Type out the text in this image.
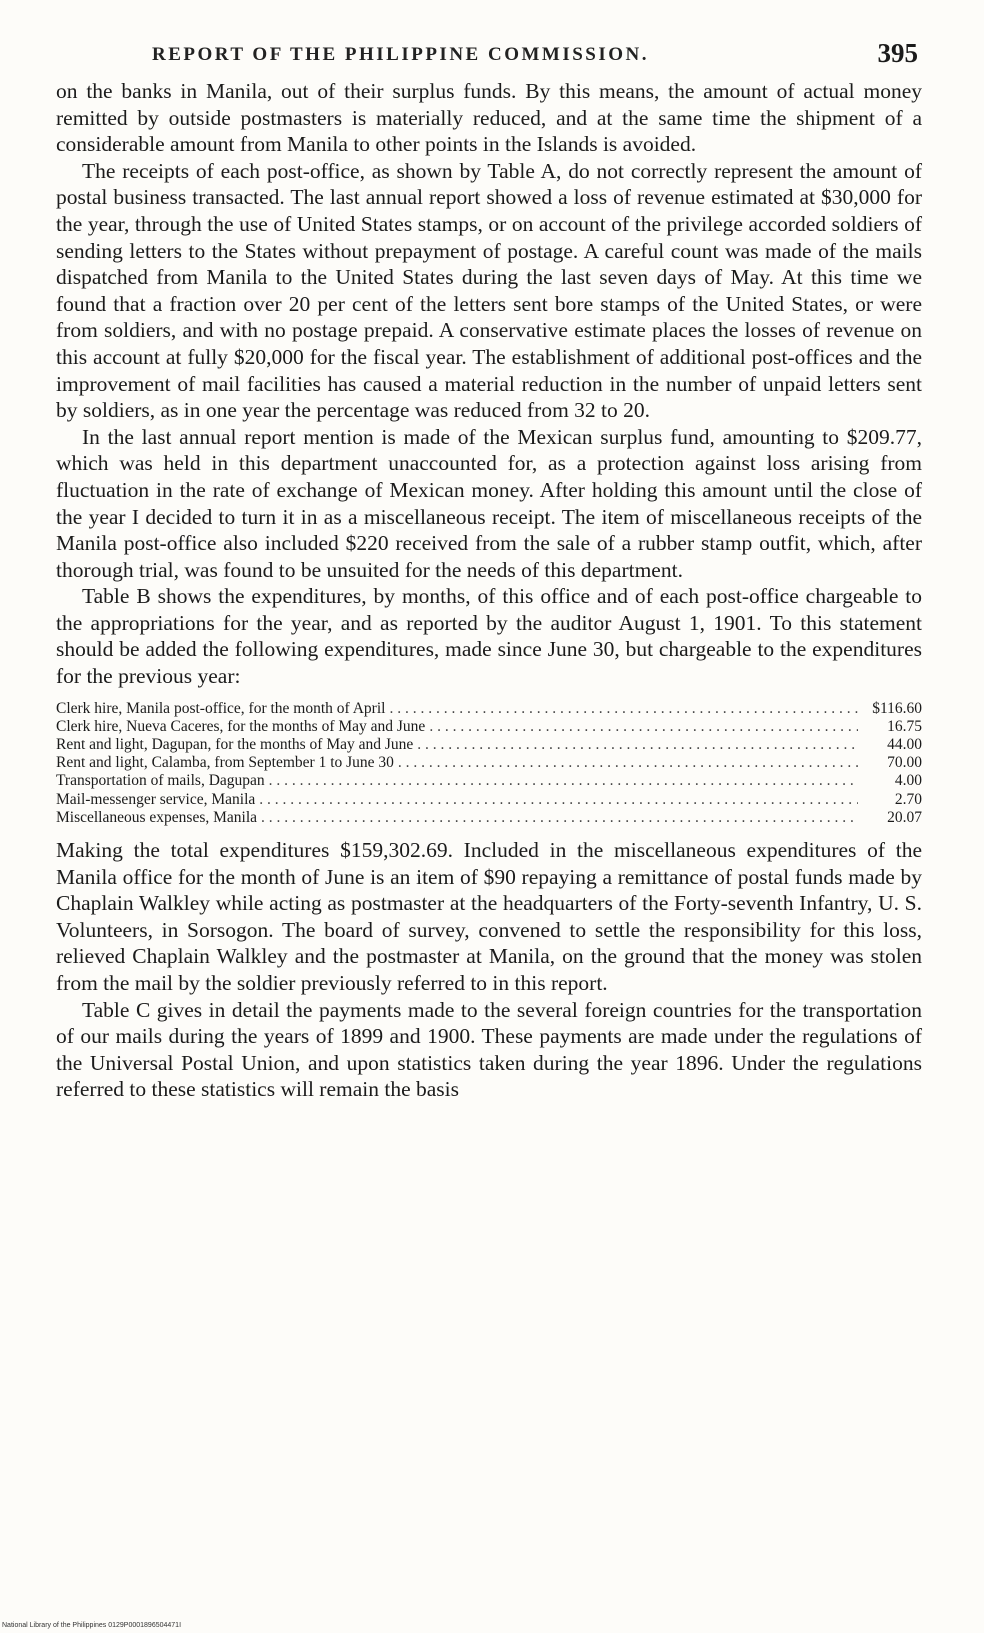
REPORT OF THE PHILIPPINE COMMISSION.	395

on the banks in Manila, out of their surplus funds. By this means, the amount of actual money remitted by outside postmasters is materially reduced, and at the same time the shipment of a considerable amount from Manila to other points in the Islands is avoided.

The receipts of each post-office, as shown by Table A, do not correctly represent the amount of postal business transacted. The last annual report showed a loss of revenue estimated at $30,000 for the year, through the use of United States stamps, or on account of the privilege accorded soldiers of sending letters to the States without prepayment of postage. A careful count was made of the mails dispatched from Manila to the United States during the last seven days of May. At this time we found that a fraction over 20 per cent of the letters sent bore stamps of the United States, or were from soldiers, and with no postage prepaid. A conservative estimate places the losses of revenue on this account at fully $20,000 for the fiscal year. The establishment of additional post-offices and the improvement of mail facilities has caused a material reduction in the number of unpaid letters sent by soldiers, as in one year the percentage was reduced from 32 to 20.

In the last annual report mention is made of the Mexican surplus fund, amounting to $209.77, which was held in this department unaccounted for, as a protection against loss arising from fluctuation in the rate of exchange of Mexican money. After holding this amount until the close of the year I decided to turn it in as a miscellaneous receipt. The item of miscellaneous receipts of the Manila post-office also included $220 received from the sale of a rubber stamp outfit, which, after thorough trial, was found to be unsuited for the needs of this department.

Table B shows the expenditures, by months, of this office and of each post-office chargeable to the appropriations for the year, and as reported by the auditor August 1, 1901. To this statement should be added the following expenditures, made since June 30, but chargeable to the expenditures for the previous year:

Clerk hire, Manila post-office, for the month of April . . .	$116.60
Clerk hire, Nueva Caceres, for the months of May and June . . .	16.75
Rent and light, Dagupan, for the months of May and June . . .	44.00
Rent and light, Calamba, from September 1 to June 30 . . .	70.00
Transportation of mails, Dagupan . . .	4.00
Mail-messenger service, Manila . . .	2.70
Miscellaneous expenses, Manila . . .	20.07

Making the total expenditures $159,302.69. Included in the miscellaneous expenditures of the Manila office for the month of June is an item of $90 repaying a remittance of postal funds made by Chaplain Walkley while acting as postmaster at the headquarters of the Forty-seventh Infantry, U. S. Volunteers, in Sorsogon. The board of survey, convened to settle the responsibility for this loss, relieved Chaplain Walkley and the postmaster at Manila, on the ground that the money was stolen from the mail by the soldier previously referred to in this report.

Table C gives in detail the payments made to the several foreign countries for the transportation of our mails during the years of 1899 and 1900. These payments are made under the regulations of the Universal Postal Union, and upon statistics taken during the year 1896. Under the regulations referred to these statistics will remain the basis

National Library of the Philippines 0129P0001896504471I
